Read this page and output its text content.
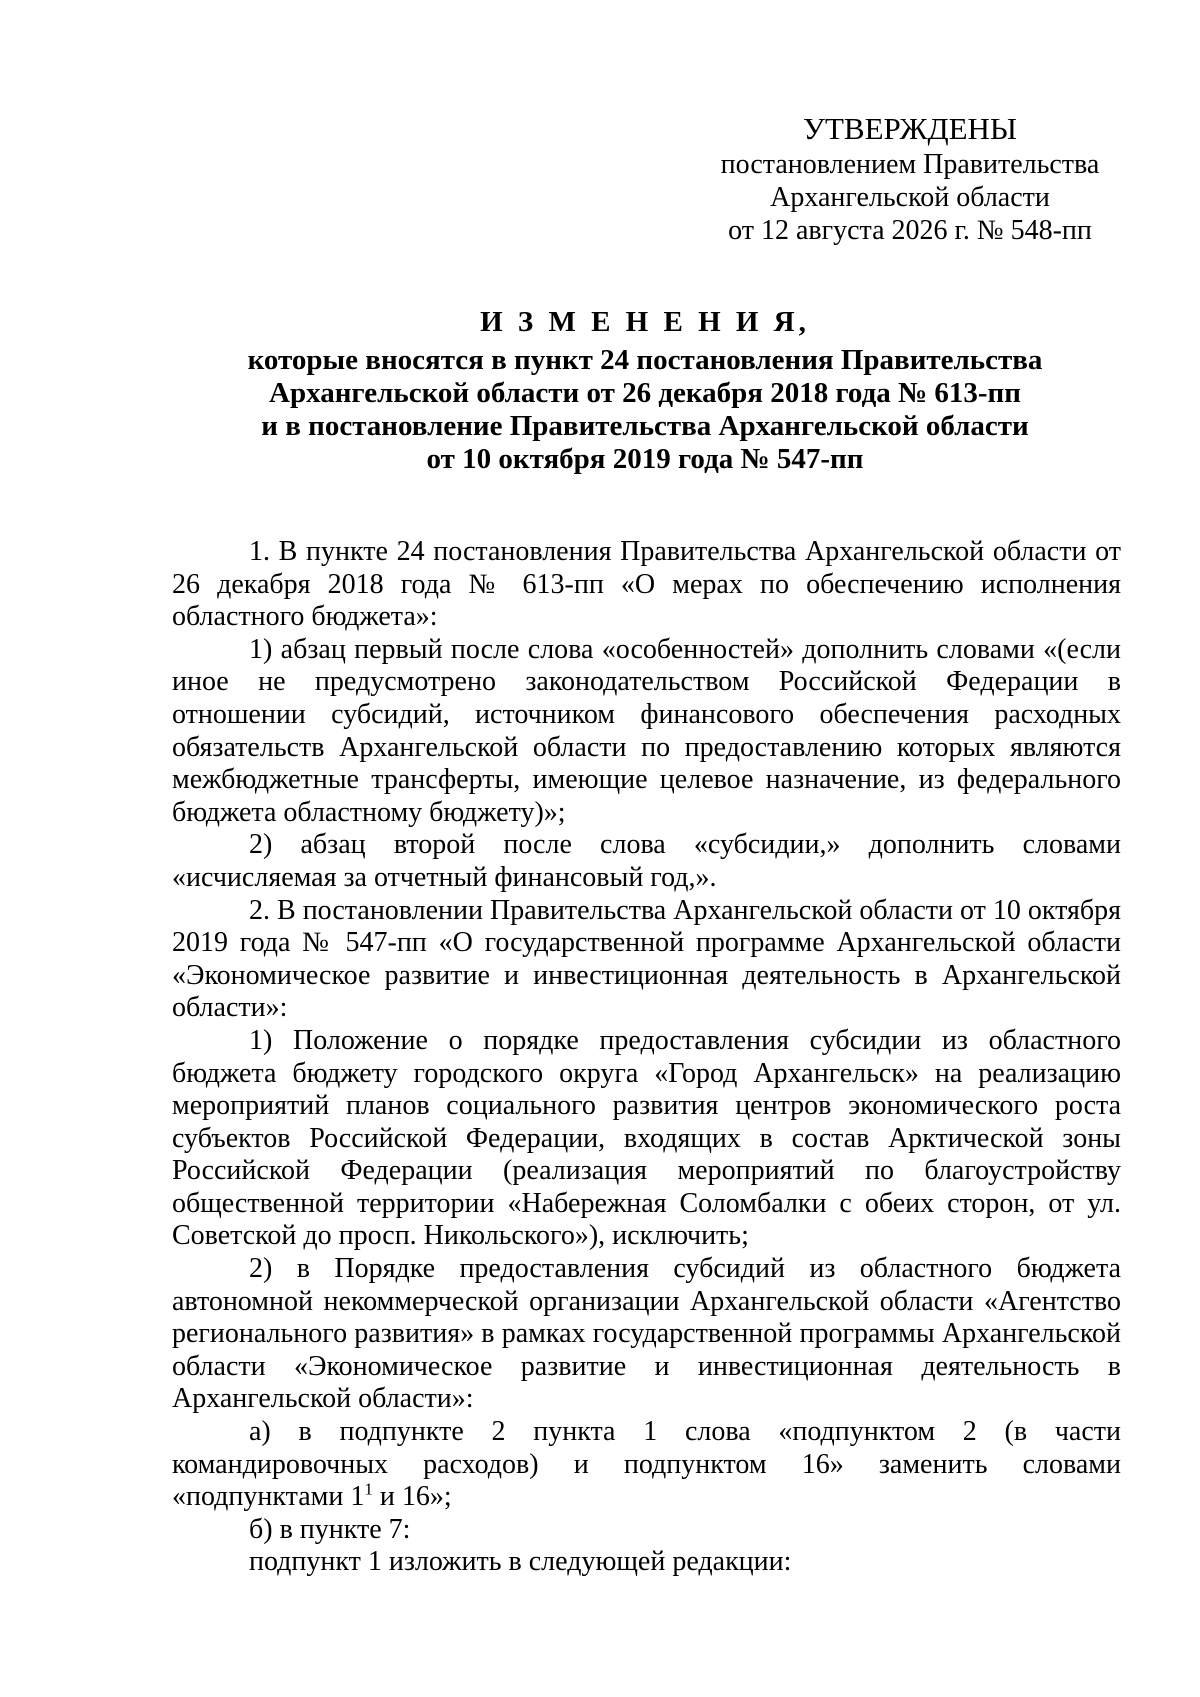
УТВЕРЖДЕНЫ
постановлением Правительства
Архангельской области
от 12 августа 2026 г. № 548-пп
И З М Е Н Е Н И Я,
которые вносятся в пункт 24 постановления Правительства
Архангельской области от 26 декабря 2018 года № 613-пп
и в постановление Правительства Архангельской области
от 10 октября 2019 года № 547-пп

1. В пункте 24 постановления Правительства Архангельской области от 26 декабря 2018 года № 613-пп «О мерах по обеспечению исполнения областного бюджета»:

1) абзац первый после слова «особенностей» дополнить словами «(если иное не предусмотрено законодательством Российской Федерации в отношении субсидий, источником финансового обеспечения расходных обязательств Архангельской области по предоставлению которых являются межбюджетные трансферты, имеющие целевое назначение, из федерального бюджета областному бюджету)»;

2) абзац второй после слова «субсидии,» дополнить словами «исчисляемая за отчетный финансовый год,».

2. В постановлении Правительства Архангельской области от 10 октября 2019 года № 547-пп «О государственной программе Архангельской области «Экономическое развитие и инвестиционная деятельность в Архангельской области»:

1) Положение о порядке предоставления субсидии из областного бюджета бюджету городского округа «Город Архангельск» на реализацию мероприятий планов социального развития центров экономического роста субъектов Российской Федерации, входящих в состав Арктической зоны Российской Федерации (реализация мероприятий по благоустройству общественной территории «Набережная Соломбалки с обеих сторон, от ул. Советской до просп. Никольского»), исключить;

2) в Порядке предоставления субсидий из областного бюджета автономной некоммерческой организации Архангельской области «Агентство регионального развития» в рамках государственной программы Архангельской области «Экономическое развитие и инвестиционная деятельность в Архангельской области»:

а) в подпункте 2 пункта 1 слова «подпунктом 2 (в части командировочных расходов) и подпунктом 16» заменить словами «подпунктами $1^1$ и 16»;

б) в пункте 7:

подпункт 1 изложить в следующей редакции:
